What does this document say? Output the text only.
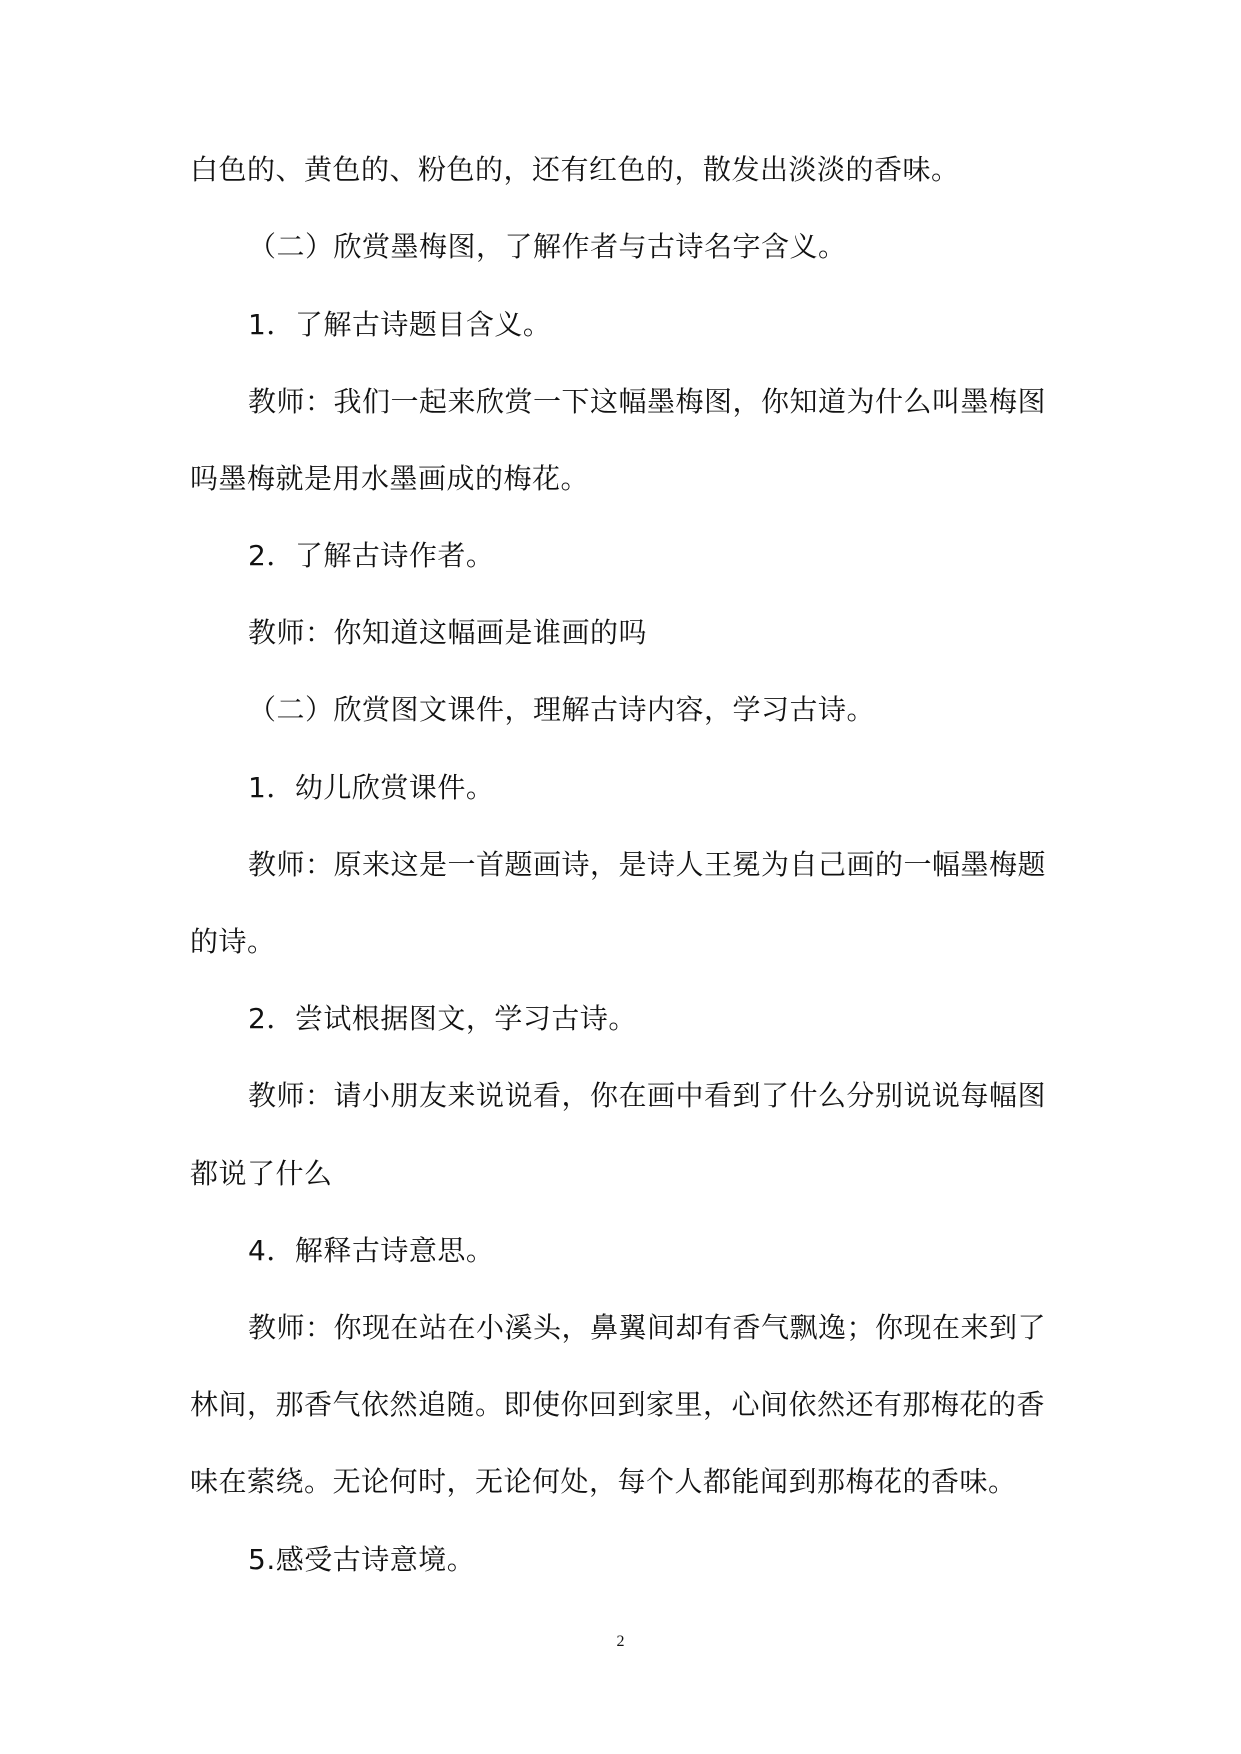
白色的、黄色的、粉色的，还有红色的，散发出淡淡的香味。
（二）欣赏墨梅图，了解作者与古诗名字含义。
1．了解古诗题目含义。
教师：我们一起来欣赏一下这幅墨梅图，你知道为什么叫墨梅图
吗墨梅就是用水墨画成的梅花。
2．了解古诗作者。
教师：你知道这幅画是谁画的吗
（二）欣赏图文课件，理解古诗内容，学习古诗。
1．幼儿欣赏课件。
教师：原来这是一首题画诗，是诗人王冕为自己画的一幅墨梅题
的诗。
2．尝试根据图文，学习古诗。
教师：请小朋友来说说看，你在画中看到了什么分别说说每幅图
都说了什么
4．解释古诗意思。
教师：你现在站在小溪头，鼻翼间却有香气飘逸；你现在来到了
林间，那香气依然追随。即使你回到家里，心间依然还有那梅花的香
味在萦绕。无论何时，无论何处，每个人都能闻到那梅花的香味。
5.感受古诗意境。
2
